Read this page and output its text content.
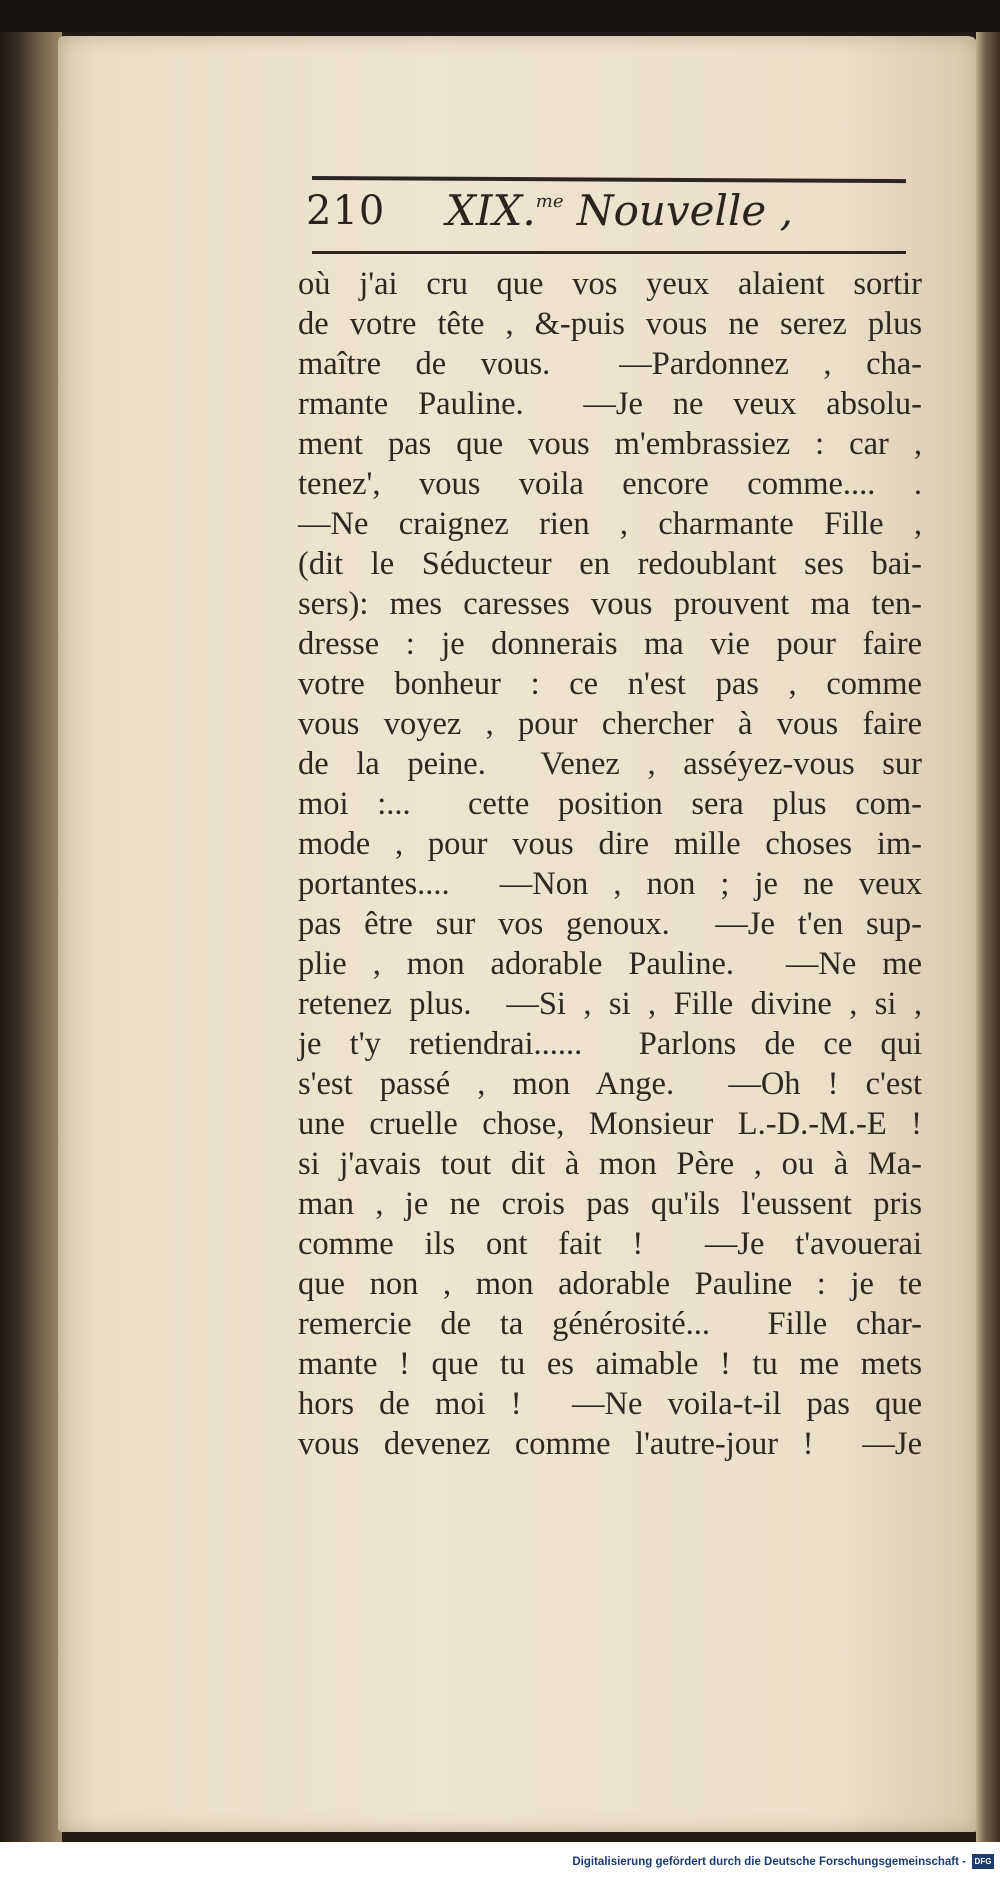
210 XIX.$^{me}$ Nouvelle ,
où j'ai cru que vos yeux alaient sortir
de votre tête , &-puis vous ne serez plus
maître de vous.  —Pardonnez , cha-
rmante Pauline.  —Je ne veux absolu-
ment pas que vous m'embrassiez : car ,
tenez', vous voila encore comme.... .
—Ne craignez rien , charmante Fille ,
(dit le Séducteur en redoublant ses bai-
sers): mes caresses vous prouvent ma ten-
dresse : je donnerais ma vie pour faire
votre bonheur : ce n'est pas , comme
vous voyez , pour chercher à vous faire
de la peine.  Venez , asséyez-vous sur
moi :...  cette position sera plus com-
mode , pour vous dire mille choses im-
portantes....  —Non , non ; je ne veux
pas être sur vos genoux.  —Je t'en sup-
plie , mon adorable Pauline.  —Ne me
retenez plus.  —Si , si , Fille divine , si ,
je t'y retiendrai......  Parlons de ce qui
s'est passé , mon Ange.  —Oh ! c'est
une cruelle chose, Monsieur L.-D.-M.-E !
si j'avais tout dit à mon Père , ou à Ma-
man , je ne crois pas qu'ils l'eussent pris
comme ils ont fait !  —Je t'avouerai
que non , mon adorable Pauline : je te
remercie de ta générosité...  Fille char-
mante ! que tu es aimable ! tu me mets
hors de moi !  —Ne voila-t-il pas que
vous devenez comme l'autre-jour !  —Je
Digitalisierung gefördert durch die Deutsche Forschungsgemeinschaft -	DFG
